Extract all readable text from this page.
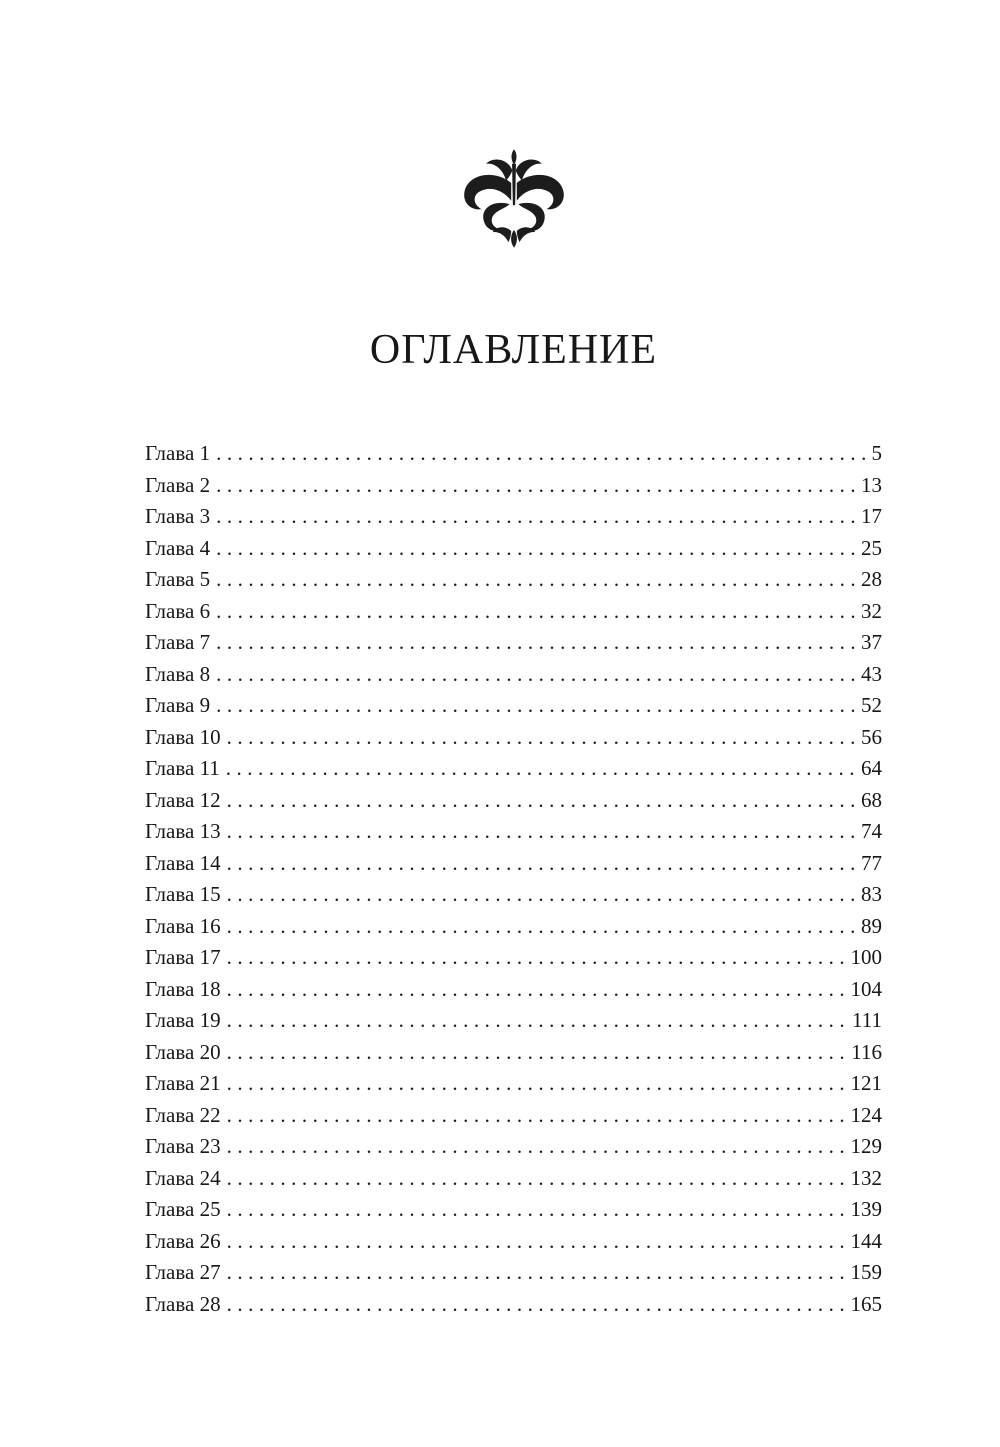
ОГЛАВЛЕНИЕ
Глава 1 .....	5
Глава 2 .....	13
Глава 3 .....	17
Глава 4 .....	25
Глава 5 .....	28
Глава 6 .....	32
Глава 7 .....	37
Глава 8 .....	43
Глава 9 .....	52
Глава 10 .....	56
Глава 11 .....	64
Глава 12 .....	68
Глава 13 .....	74
Глава 14 .....	77
Глава 15 .....	83
Глава 16 .....	89
Глава 17 .....	100
Глава 18 .....	104
Глава 19 .....	111
Глава 20 .....	116
Глава 21 .....	121
Глава 22 .....	124
Глава 23 .....	129
Глава 24 .....	132
Глава 25 .....	139
Глава 26 .....	144
Глава 27 .....	159
Глава 28 .....	165
